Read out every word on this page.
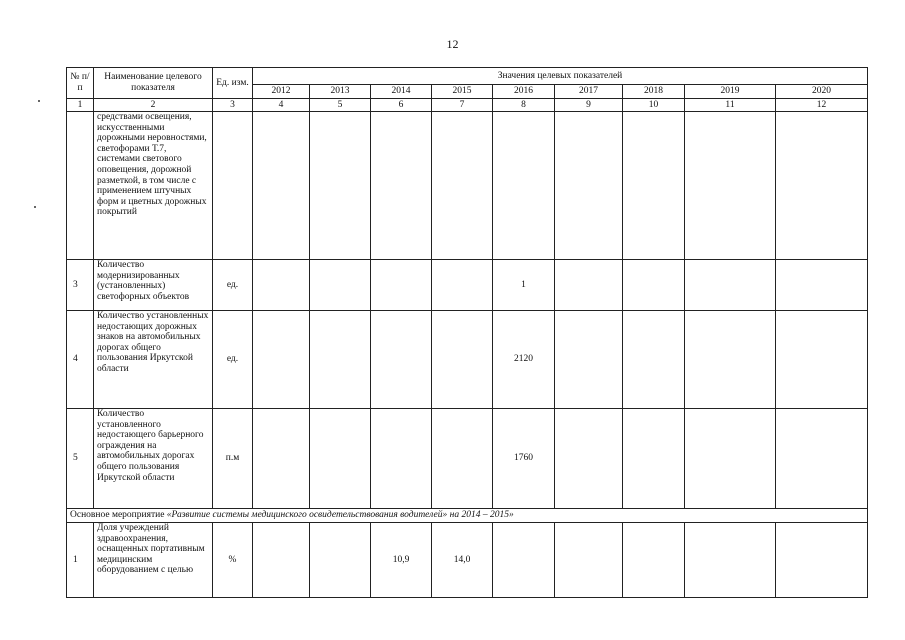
12
№ п/п	Наименование целевого показателя	Ед. изм.	Значения целевых показателей								
			2012	2013	2014	2015	2016	2017	2018	2019	2020
1	2	3	4	5	6	7	8	9	10	11	12
	средствами освещения, искусственными дорожными неровностями, светофорами Т.7, системами светового оповещения, дорожной разметкой, в том числе с применением штучных форм и цветных дорожных покрытий										
3	Количество модернизированных (установленных) светофорных объектов	ед.					1				
4	Количество установленных недостающих дорожных знаков на автомобильных дорогах общего пользования Иркутской области	ед.					2120				
5	Количество установленного недостающего барьерного ограждения на автомобильных дорогах общего пользования Иркутской области	п.м					1760				
Основное мероприятие «Развитие системы медицинского освидетельствования водителей» на 2014 – 2015»											
1	Доля учреждений здравоохранения, оснащенных портативным медицинским оборудованием с целью	%			10,9	14,0					
